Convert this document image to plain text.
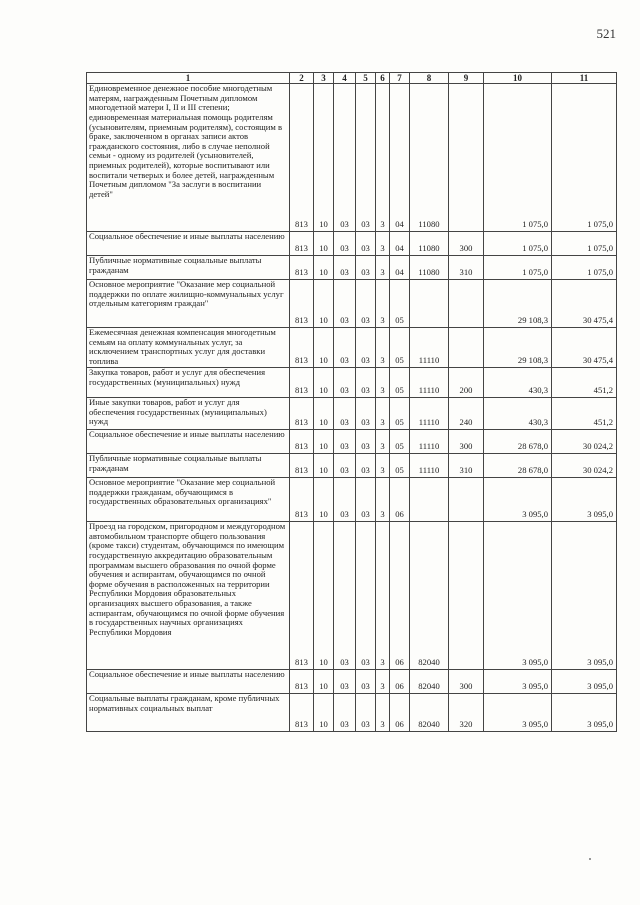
521
1	2	3	4	5	6	7	8	9	10	11
Единовременное денежное пособие многодетным матерям, награжденным Почетным дипломом многодетной матери I, II и III степени; единовременная материальная помощь родителям (усыновителям, приемным родителям), состоящим в браке, заключенном в органах записи актов гражданского состояния, либо в случае неполной семьи - одному из родителей (усыновителей, приемных родителей), которые воспитывают или воспитали четверых и более детей, награжденным Почетным дипломом "За заслуги в воспитании детей"	813	10	03	03	3	04	11080		1 075,0	1 075,0
Социальное обеспечение и иные выплаты населению	813	10	03	03	3	04	11080	300	1 075,0	1 075,0
Публичные нормативные социальные выплаты гражданам	813	10	03	03	3	04	11080	310	1 075,0	1 075,0
Основное мероприятие "Оказание мер социальной поддержки по оплате жилищно-коммунальных услуг отдельным категориям граждан"	813	10	03	03	3	05			29 108,3	30 475,4
Ежемесячная денежная компенсация многодетным семьям на оплату коммунальных услуг, за исключением транспортных услуг для доставки топлива	813	10	03	03	3	05	11110		29 108,3	30 475,4
Закупка товаров, работ и услуг для обеспечения государственных (муниципальных) нужд	813	10	03	03	3	05	11110	200	430,3	451,2
Иные закупки товаров, работ и услуг для обеспечения государственных (муниципальных) нужд	813	10	03	03	3	05	11110	240	430,3	451,2
Социальное обеспечение и иные выплаты населению	813	10	03	03	3	05	11110	300	28 678,0	30 024,2
Публичные нормативные социальные выплаты гражданам	813	10	03	03	3	05	11110	310	28 678,0	30 024,2
Основное мероприятие "Оказание мер социальной поддержки гражданам, обучающимся в государственных образовательных организациях"	813	10	03	03	3	06			3 095,0	3 095,0
Проезд на городском, пригородном и междугородном автомобильном транспорте общего пользования (кроме такси) студентам, обучающимся по имеющим государственную аккредитацию образовательным программам высшего образования по очной форме обучения и аспирантам, обучающимся по очной форме обучения в расположенных на территории Республики Мордовия образовательных организациях высшего образования, а также аспирантам, обучающимся по очной форме обучения в государственных научных организациях Республики Мордовия	813	10	03	03	3	06	82040		3 095,0	3 095,0
Социальное обеспечение и иные выплаты населению	813	10	03	03	3	06	82040	300	3 095,0	3 095,0
Социальные выплаты гражданам, кроме публичных нормативных социальных выплат	813	10	03	03	3	06	82040	320	3 095,0	3 095,0
